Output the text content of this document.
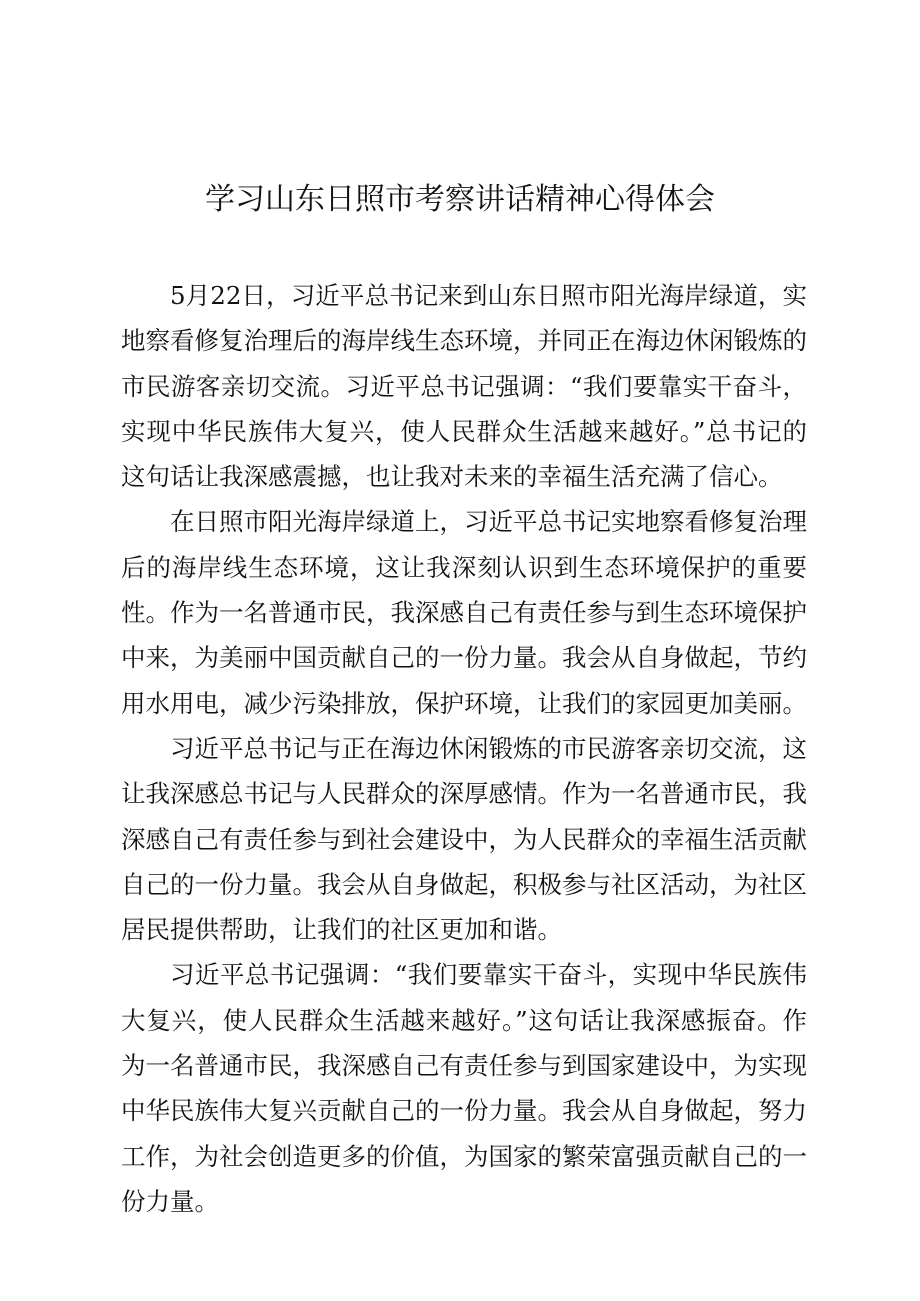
学习山东日照市考察讲话精神心得体会

5月22日，习近平总书记来到山东日照市阳光海岸绿道，实地察看修复治理后的海岸线生态环境，并同正在海边休闲锻炼的市民游客亲切交流。习近平总书记强调：“我们要靠实干奋斗，实现中华民族伟大复兴，使人民群众生活越来越好。”总书记的这句话让我深感震撼，也让我对未来的幸福生活充满了信心。

在日照市阳光海岸绿道上，习近平总书记实地察看修复治理后的海岸线生态环境，这让我深刻认识到生态环境保护的重要性。作为一名普通市民，我深感自己有责任参与到生态环境保护中来，为美丽中国贡献自己的一份力量。我会从自身做起，节约用水用电，减少污染排放，保护环境，让我们的家园更加美丽。

习近平总书记与正在海边休闲锻炼的市民游客亲切交流，这让我深感总书记与人民群众的深厚感情。作为一名普通市民，我深感自己有责任参与到社会建设中，为人民群众的幸福生活贡献自己的一份力量。我会从自身做起，积极参与社区活动，为社区居民提供帮助，让我们的社区更加和谐。

习近平总书记强调：“我们要靠实干奋斗，实现中华民族伟大复兴，使人民群众生活越来越好。”这句话让我深感振奋。作为一名普通市民，我深感自己有责任参与到国家建设中，为实现中华民族伟大复兴贡献自己的一份力量。我会从自身做起，努力工作，为社会创造更多的价值，为国家的繁荣富强贡献自己的一份力量。
